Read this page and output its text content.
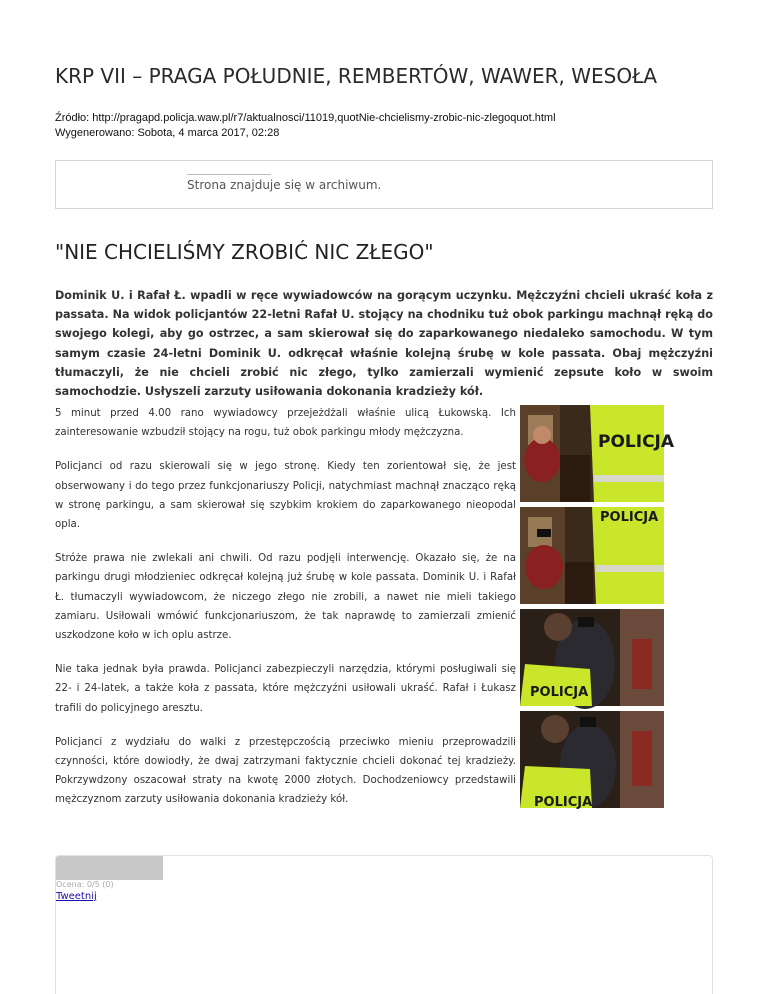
KRP VII – PRAGA POŁUDNIE, REMBERTÓW, WAWER, WESOŁA
Źródło: http://pragapd.policja.waw.pl/r7/aktualnosci/11019,quotNie-chcielismy-zrobic-nic-zlegoquot.html
Wygenerowano: Sobota, 4 marca 2017, 02:28
Strona znajduje się w archiwum.
"NIE CHCIELIŚMY ZROBIĆ NIC ZŁEGO"
Dominik U. i Rafał Ł. wpadli w ręce wywiadowców na gorącym uczynku. Mężczyźni chcieli ukraść koła z passata. Na widok policjantów 22-letni Rafał U. stojący na chodniku tuż obok parkingu machnął ręką do swojego kolegi, aby go ostrzec, a sam skierował się do zaparkowanego niedaleko samochodu. W tym samym czasie 24-letni Dominik U. odkręcał właśnie kolejną śrubę w kole passata. Obaj mężczyźni tłumaczyli, że nie chcieli zrobić nic złego, tylko zamierzali wymienić zepsute koło w swoim samochodzie. Usłyszeli zarzuty usiłowania dokonania kradzieży kół.

5 minut przed 4.00 rano wywiadowcy przejeżdżali właśnie ulicą Łukowską. Ich zainteresowanie wzbudził stojący na rogu, tuż obok parkingu młody mężczyzna.

Policjanci od razu skierowali się w jego stronę. Kiedy ten zorientował się, że jest obserwowany i do tego przez funkcjonariuszy Policji, natychmiast machnął znacząco ręką w stronę parkingu, a sam skierował się szybkim krokiem do zaparkowanego nieopodal opla.

Stróże prawa nie zwlekali ani chwili. Od razu podjęli interwencję. Okazało się, że na parkingu drugi młodzieniec odkręcał kolejną już śrubę w kole passata. Dominik U. i Rafał Ł. tłumaczyli wywiadowcom, że niczego złego nie zrobili, a nawet nie mieli takiego zamiaru. Usiłowali wmówić funkcjonariuszom, że tak naprawdę to zamierzali zmienić uszkodzone koło w ich oplu astrze.

Nie taka jednak była prawda. Policjanci zabezpieczyli narzędzia, którymi posługiwali się 22- i 24-latek, a także koła z passata, które mężczyźni usiłowali ukraść. Rafał i Łukasz trafili do policyjnego aresztu.

Policjanci z wydziału do walki z przestępczością przeciwko mieniu przeprowadzili czynności, które dowiodły, że dwaj zatrzymani faktycznie chcieli dokonać tej kradzieży. Pokrzywdzony oszacował straty na kwotę 2000 złotych. Dochodzeniowcy przedstawili mężczyznom zarzuty usiłowania dokonania kradzieży kół.

POLICJA
POLICJA
POLICJA
POLICJA
Ocena: 0/5 (0)
Tweetnij
